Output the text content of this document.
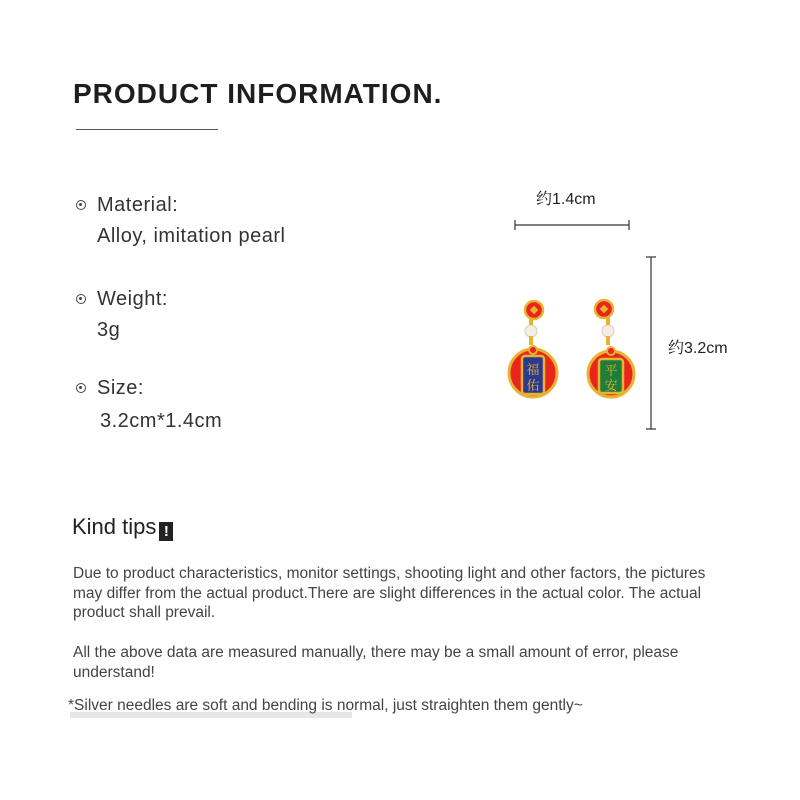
PRODUCT INFORMATION.
Material:
Alloy, imitation pearl
Weight:
3g
Size:
3.2cm*1.4cm
约1.4cm
约3.2cm
福
佑
平
安
Kind tips !

Due to product characteristics, monitor settings, shooting light and other factors, the pictures may differ from the actual product.There are slight differences in the actual color. The actual product shall prevail.

All the above data are measured manually, there may be a small amount of error, please understand!

*Silver needles are soft and bending is normal, just straighten them gently~
